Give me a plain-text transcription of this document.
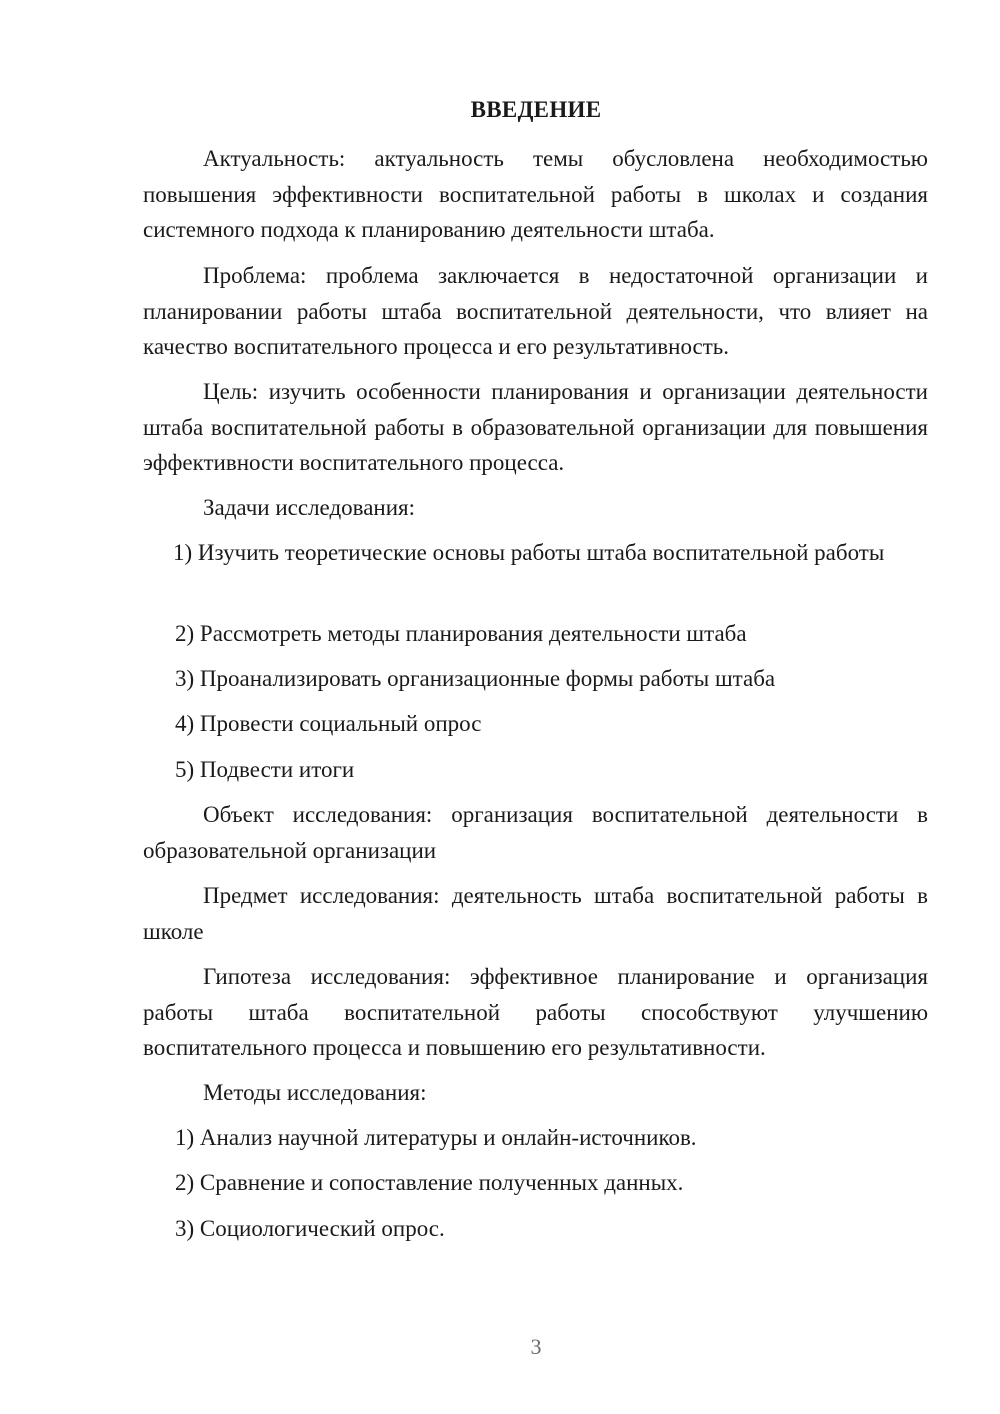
ВВЕДЕНИЕ

Актуальность: актуальность темы обусловлена необходимостью повышения эффективности воспитательной работы в школах и создания системного подхода к планированию деятельности штаба.

Проблема: проблема заключается в недостаточной организации и планировании работы штаба воспитательной деятельности, что влияет на качество воспитательного процесса и его результативность.

Цель: изучить особенности планирования и организации деятельности штаба воспитательной работы в образовательной организации для повышения эффективности воспитательного процесса.

Задачи исследования:

1) Изучить теоретические основы работы штаба воспитательной работы

2) Рассмотреть методы планирования деятельности штаба

3) Проанализировать организационные формы работы штаба

4) Провести социальный опрос

5) Подвести итоги

Объект исследования: организация воспитательной деятельности в образовательной организации

Предмет исследования: деятельность штаба воспитательной работы в школе

Гипотеза исследования: эффективное планирование и организация работы штаба воспитательной работы способствуют улучшению воспитательного процесса и повышению его результативности.

Методы исследования:

1) Анализ научной литературы и онлайн-источников.

2) Сравнение и сопоставление полученных данных.

3) Социологический опрос.

3
